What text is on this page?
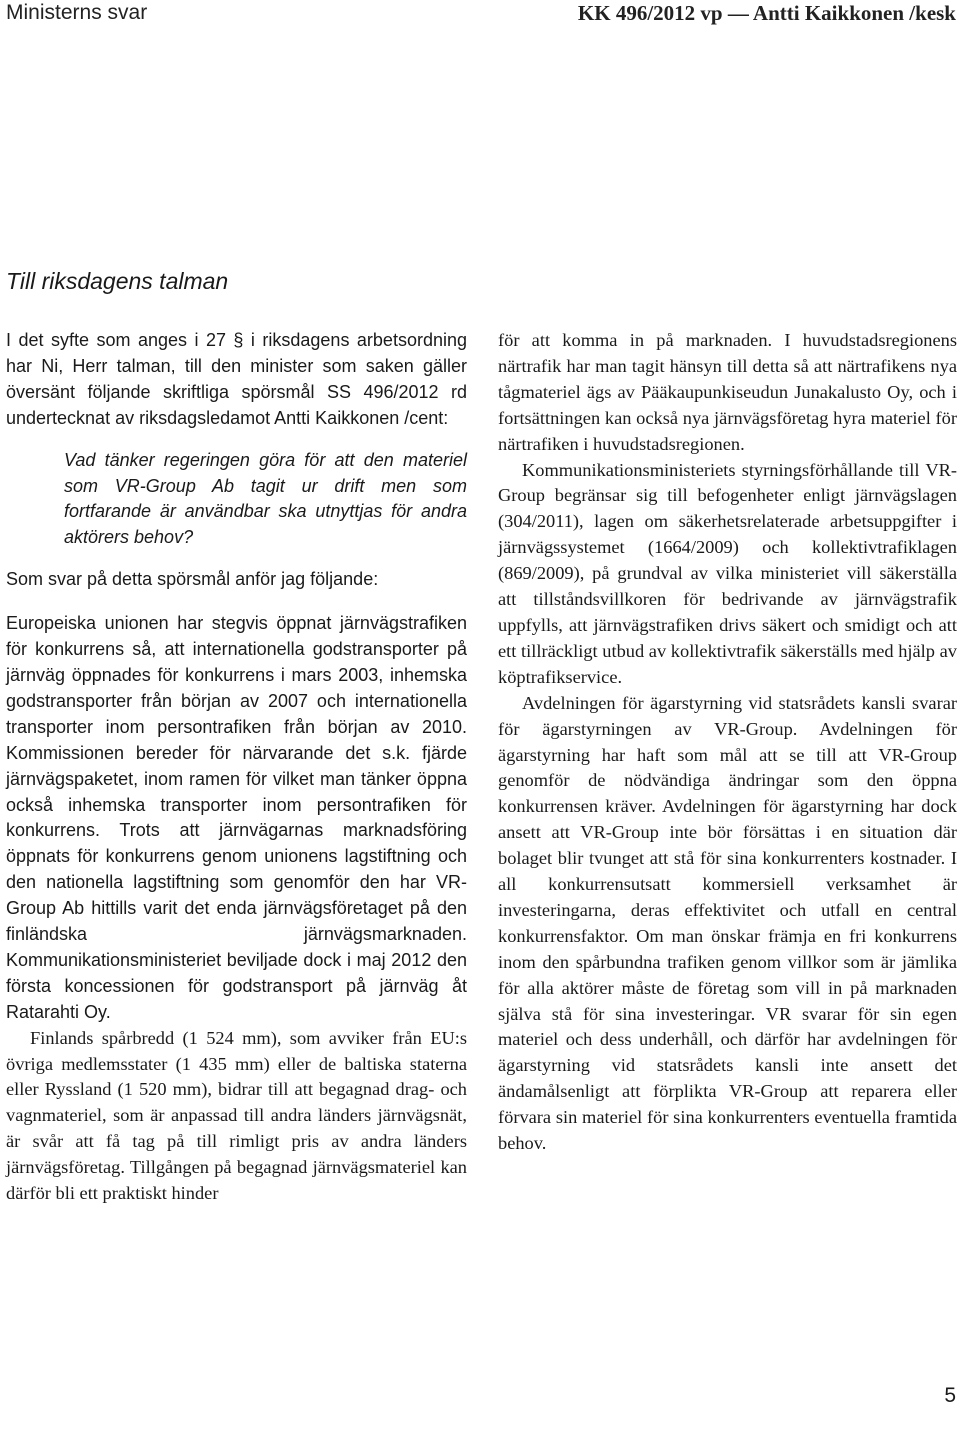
Ministerns svar	KK 496/2012 vp — Antti Kaikkonen /kesk
Till riksdagens talman

I det syfte som anges i 27 § i riksdagens arbetsordning har Ni, Herr talman, till den minister som saken gäller översänt följande skriftliga spörsmål SS 496/2012 rd undertecknat av riksdagsledamot Antti Kaikkonen /cent:

Vad tänker regeringen göra för att den materiel som VR-Group Ab tagit ur drift men som fortfarande är användbar ska utnyttjas för andra aktörers behov?

Som svar på detta spörsmål anför jag följande:

Europeiska unionen har stegvis öppnat järnvägstrafiken för konkurrens så, att internationella godstransporter på järnväg öppnades för konkurrens i mars 2003, inhemska godstransporter från början av 2007 och internationella transporter inom persontrafiken från början av 2010. Kommissionen bereder för närvarande det s.k. fjärde järnvägspaketet, inom ramen för vilket man tänker öppna också inhemska transporter inom persontrafiken för konkurrens. Trots att järnvägarnas marknadsföring öppnats för konkurrens genom unionens lagstiftning och den nationella lagstiftning som genomför den har VR-Group Ab hittills varit det enda järnvägsföretaget på den finländska järnvägsmarknaden. Kommunikationsministeriet beviljade dock i maj 2012 den första koncessionen för godstransport på järnväg åt Ratarahti Oy.

Finlands spårbredd (1 524 mm), som avviker från EU:s övriga medlemsstater (1 435 mm) eller de baltiska staterna eller Ryssland (1 520 mm), bidrar till att begagnad drag- och vagnmateriel, som är anpassad till andra länders järnvägsnät, är svår att få tag på till rimligt pris av andra länders järnvägsföretag. Tillgången på begagnad järnvägsmateriel kan därför bli ett praktiskt hinder

för att komma in på marknaden. I huvudstadsregionens närtrafik har man tagit hänsyn till detta så att närtrafikens nya tågmateriel ägs av Pääkaupunkiseudun Junakalusto Oy, och i fortsättningen kan också nya järnvägsföretag hyra materiel för närtrafiken i huvudstadsregionen.

Kommunikationsministeriets styrningsförhållande till VR-Group begränsar sig till befogenheter enligt järnvägslagen (304/2011), lagen om säkerhetsrelaterade arbetsuppgifter i järnvägssystemet (1664/2009) och kollektivtrafiklagen (869/2009), på grundval av vilka ministeriet vill säkerställa att tillståndsvillkoren för bedrivande av järnvägstrafik uppfylls, att järnvägstrafiken drivs säkert och smidigt och att ett tillräckligt utbud av kollektivtrafik säkerställs med hjälp av köptrafikservice.

Avdelningen för ägarstyrning vid statsrådets kansli svarar för ägarstyrningen av VR-Group. Avdelningen för ägarstyrning har haft som mål att se till att VR-Group genomför de nödvändiga ändringar som den öppna konkurrensen kräver. Avdelningen för ägarstyrning har dock ansett att VR-Group inte bör försättas i en situation där bolaget blir tvunget att stå för sina konkurrenters kostnader. I all konkurrensutsatt kommersiell verksamhet är investeringarna, deras effektivitet och utfall en central konkurrensfaktor. Om man önskar främja en fri konkurrens inom den spårbundna trafiken genom villkor som är jämlika för alla aktörer måste de företag som vill in på marknaden själva stå för sina investeringar. VR svarar för sin egen materiel och dess underhåll, och därför har avdelningen för ägarstyrning vid statsrådets kansli inte ansett det ändamålsenligt att förplikta VR-Group att reparera eller förvara sin materiel för sina konkurrenters eventuella framtida behov.

5
